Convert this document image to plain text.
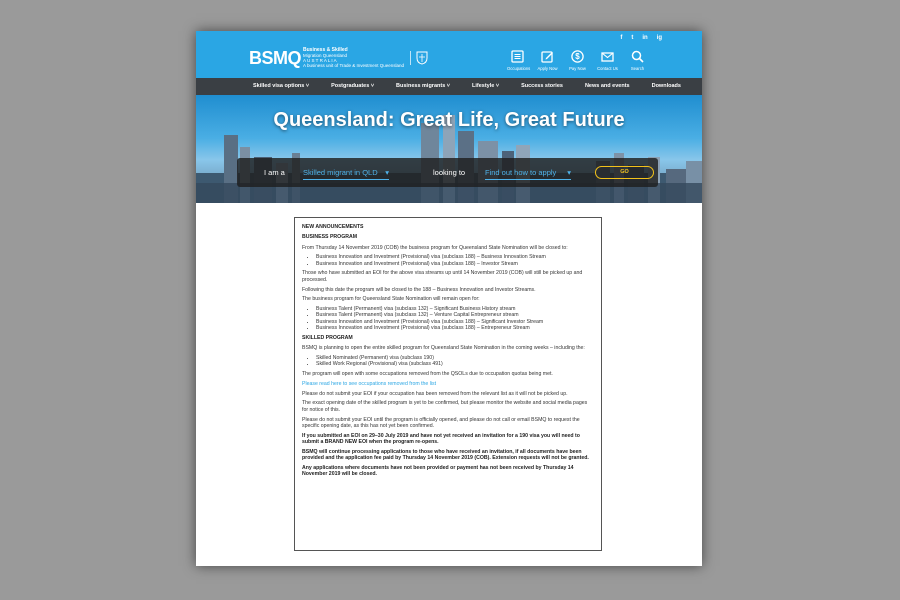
BSMQ Business & Skilled
Migration Queensland
A U S T R A L I A
A business unit of Trade & Investment Queensland
f t in ig
Occupations Apply Now
$
Pay Now	Contact Us	Search
Skilled visa options ˅	Postgraduates ˅	Business migrants ˅	Lifestyle ˅	Success stories	News and events	Downloads
Queensland: Great Life, Great Future
I am a Skilled migrant in QLD ▾	looking to	Find out how to apply ▾	GO

NEW ANNOUNCEMENTS

BUSINESS PROGRAM

From Thursday 14 November 2019 (COB) the business program for Queensland State Nomination will be closed to:

• Business Innovation and Investment (Provisional) visa (subclass 188) – Business Innovation Stream
• Business Innovation and Investment (Provisional) visa (subclass 188) – Investor Stream

Those who have submitted an EOI for the above visa streams up until 14 November 2019 (COB) will still be picked up and processed.

Following this date the program will be closed to the 188 – Business Innovation and Investor Streams.

The business program for Queensland State Nomination will remain open for:

• Business Talent (Permanent) visa (subclass 132) – Significant Business History stream
• Business Talent (Permanent) visa (subclass 132) – Venture Capital Entrepreneur stream
• Business Innovation and Investment (Provisional) visa (subclass 188) – Significant Investor Stream
• Business Innovation and Investment (Provisional) visa (subclass 188) – Entrepreneur Stream

SKILLED PROGRAM

BSMQ is planning to open the entire skilled program for Queensland State Nomination in the coming weeks – including the:

• Skilled Nominated (Permanent) visa (subclass 190)
• Skilled Work Regional (Provisional) visa (subclass 491)

The program will open with some occupations removed from the QSOLs due to occupation quotas being met.

Please read here to see occupations removed from the list

Please do not submit your EOI if your occupation has been removed from the relevant list as it will not be picked up.

The exact opening date of the skilled program is yet to be confirmed, but please monitor the website and social media pages for notice of this.

Please do not submit your EOI until the program is officially opened, and please do not call or email BSMQ to request the specific opening date, as this has not yet been confirmed.

If you submitted an EOI on 29–30 July 2019 and have not yet received an invitation for a 190 visa you will need to submit a BRAND NEW EOI when the program re-opens.

BSMQ will continue processing applications to those who have received an invitation, if all documents have been provided and the application fee paid by Thursday 14 November 2019 (COB). Extension requests will not be granted.

Any applications where documents have not been provided or payment has not been received by Thursday 14 November 2019 will be closed.
